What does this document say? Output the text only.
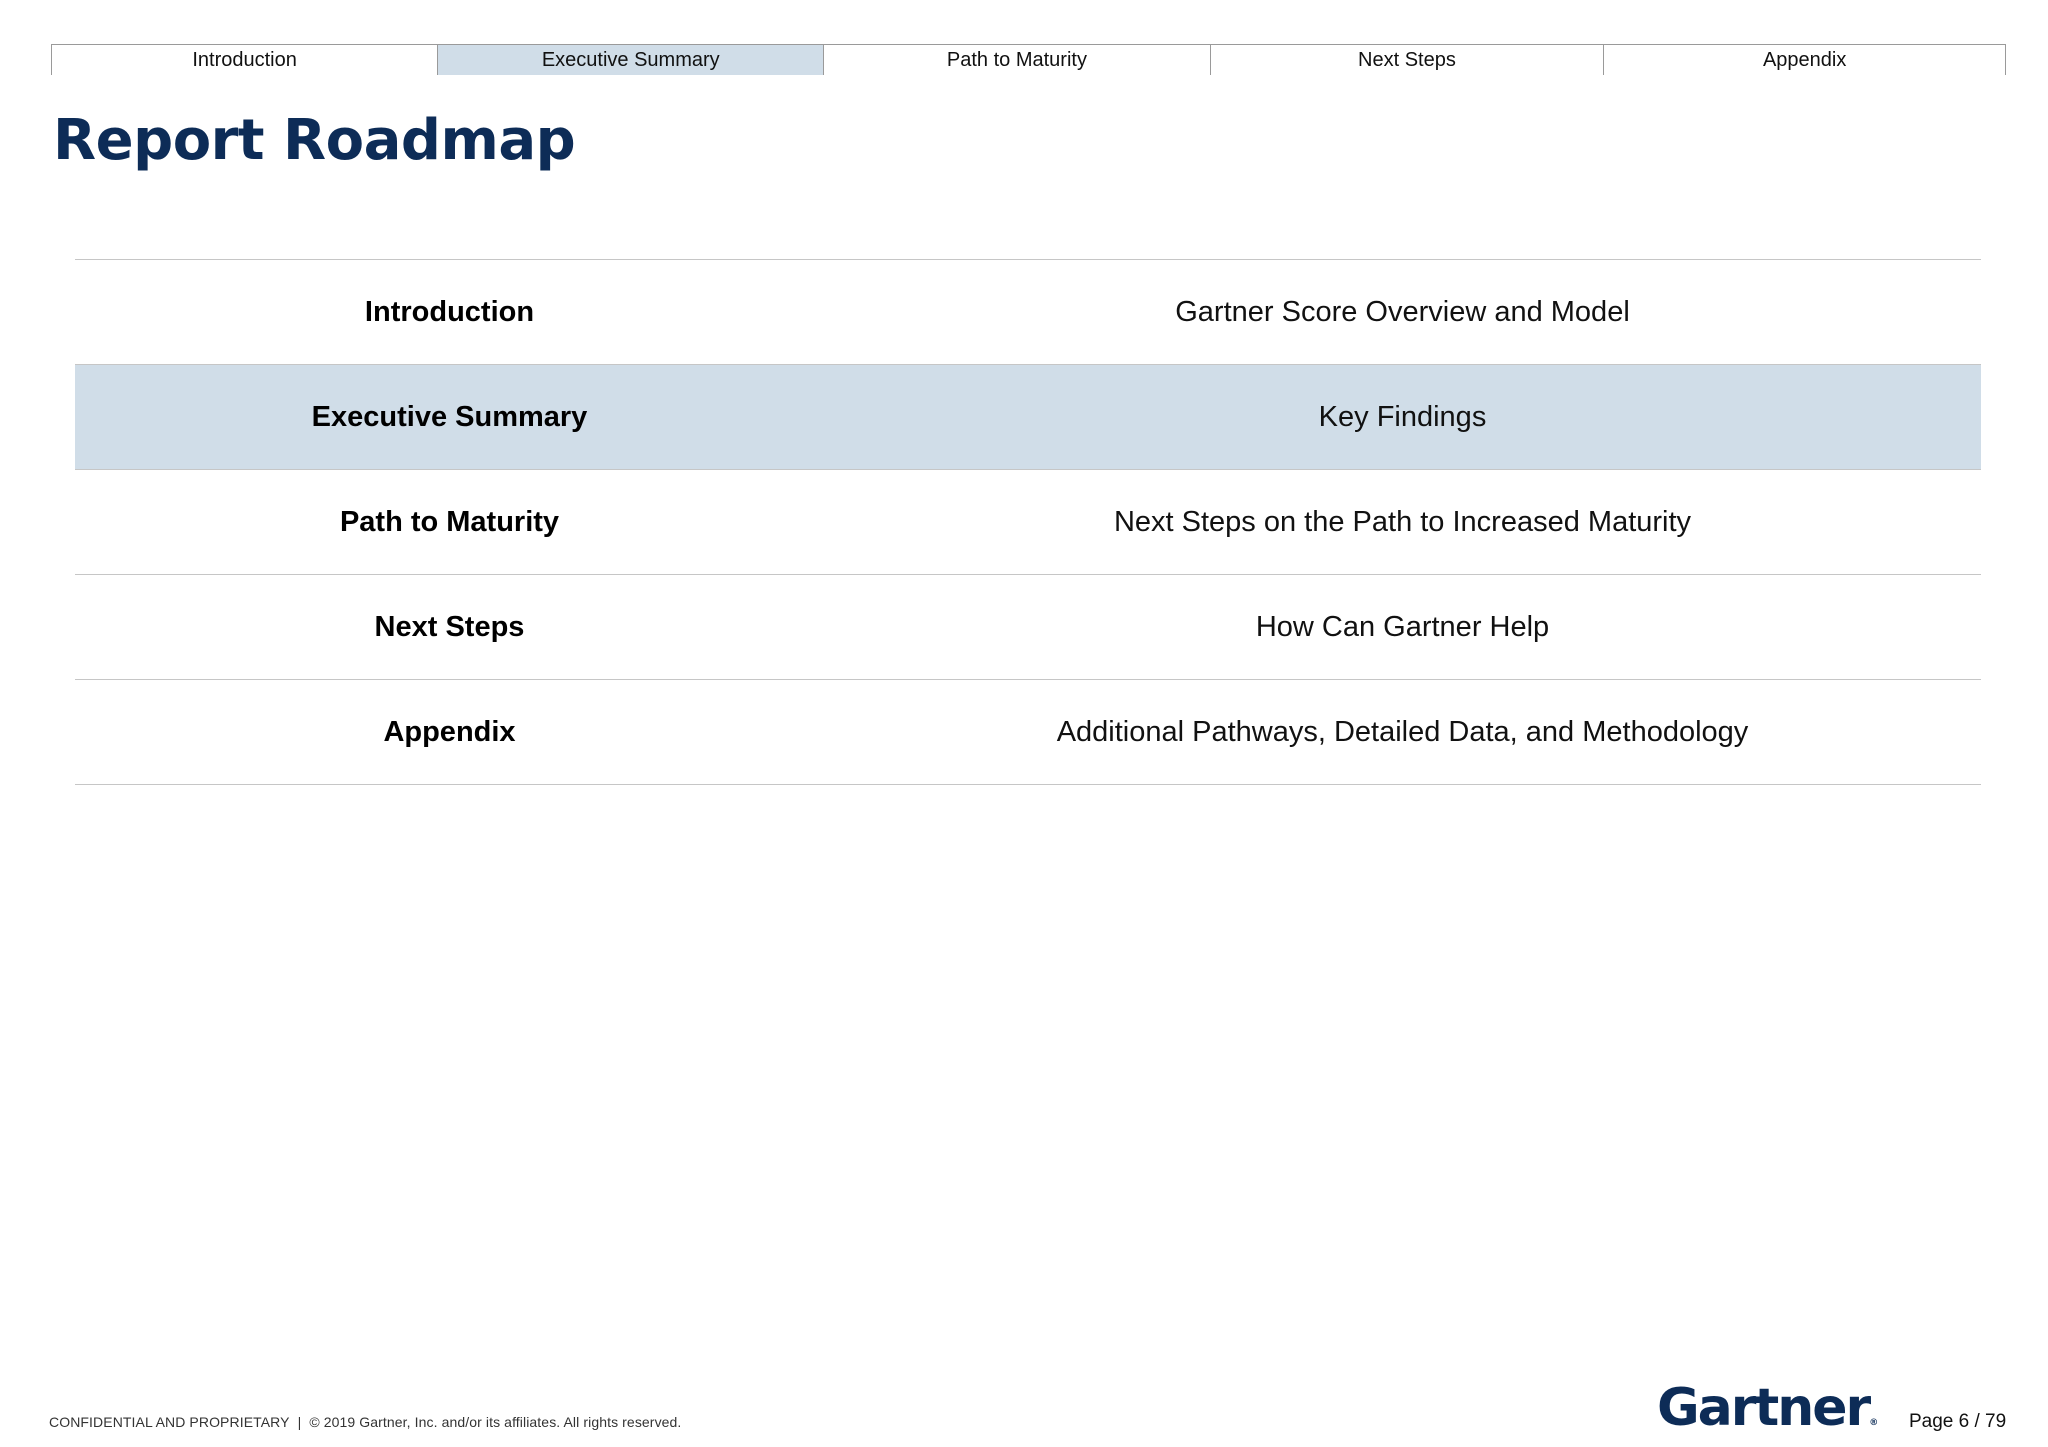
Introduction	Executive Summary	Path to Maturity	Next Steps	Appendix
Report Roadmap
Introduction	Gartner Score Overview and Model
Executive Summary	Key Findings
Path to Maturity	Next Steps on the Path to Increased Maturity
Next Steps	How Can Gartner Help
Appendix	Additional Pathways, Detailed Data, and Methodology
CONFIDENTIAL AND PROPRIETARY | © 2019 Gartner, Inc. and/or its affiliates. All rights reserved.	Gartner® Page 6 / 79
